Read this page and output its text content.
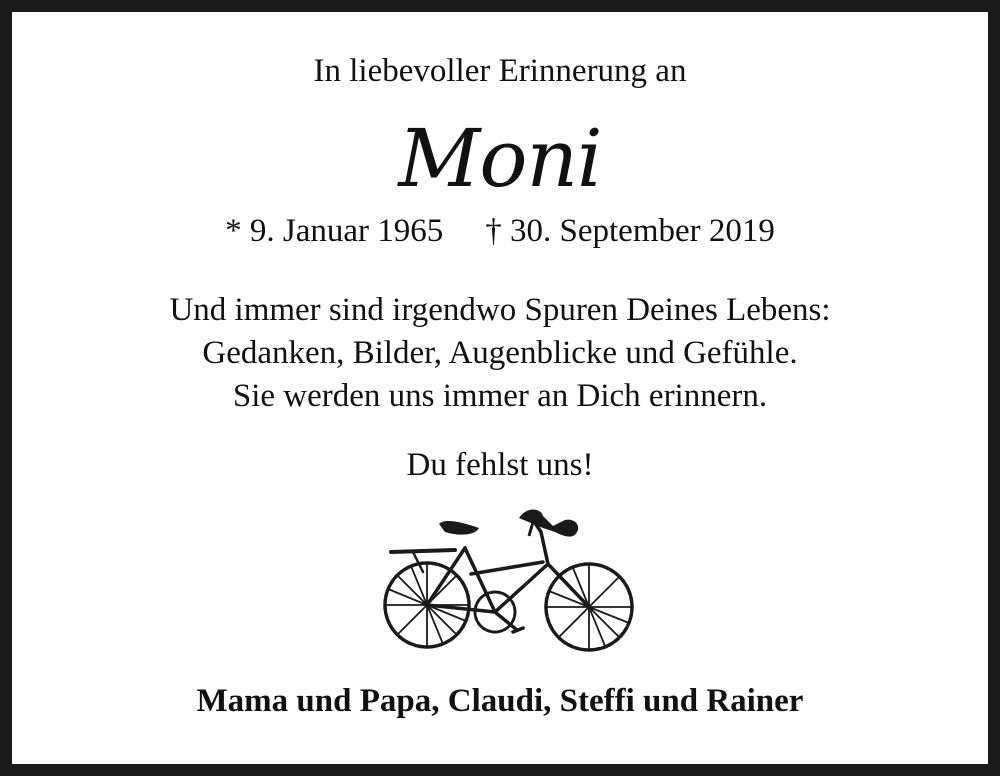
In liebevoller Erinnerung an
Moni
* 9. Januar 1965 † 30. September 2019
Und immer sind irgendwo Spuren Deines Lebens:
Gedanken, Bilder, Augenblicke und Gefühle.
Sie werden uns immer an Dich erinnern.
Du fehlst uns!
Mama und Papa, Claudi, Steffi und Rainer
